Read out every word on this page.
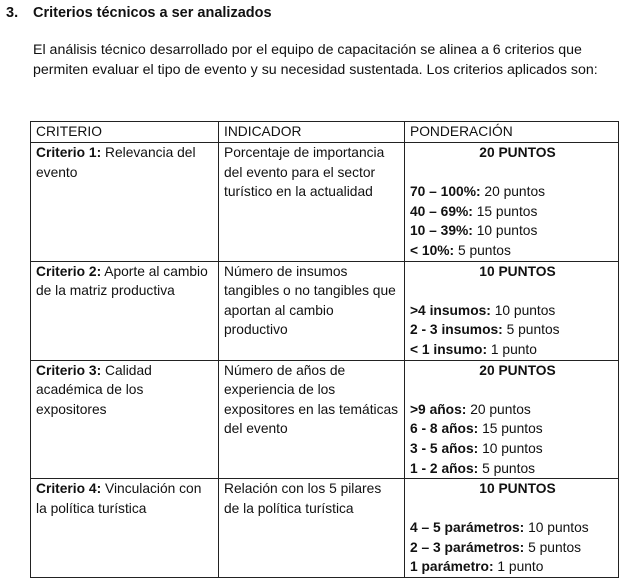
3. Criterios técnicos a ser analizados

El análisis técnico desarrollado por el equipo de capacitación se alinea a 6 criterios que permiten evaluar el tipo de evento y su necesidad sustentada. Los criterios aplicados son:

CRITERIO	INDICADOR	PONDERACIÓN
Criterio 1: Relevancia del evento	Porcentaje de importancia del evento para el sector turístico en la actualidad	20 PUNTOS
70 – 100%: 20 puntos
40 – 69%: 15 puntos
10 – 39%: 10 puntos
< 10%: 5 puntos

Criterio 2: Aporte al cambio de la matriz productiva	Número de insumos tangibles o no tangibles que aportan al cambio productivo	10 PUNTOS
>4 insumos: 10 puntos
2 - 3 insumos: 5 puntos
< 1 insumo: 1 punto

Criterio 3: Calidad académica de los expositores	Número de años de experiencia de los expositores en las temáticas del evento	20 PUNTOS
>9 años: 20 puntos
6 - 8 años: 15 puntos
3 - 5 años: 10 puntos
1 - 2 años: 5 puntos

Criterio 4: Vinculación con la política turística	Relación con los 5 pilares de la política turística	10 PUNTOS
4 – 5 parámetros: 10 puntos
2 – 3 parámetros: 5 puntos
1 parámetro: 1 punto
